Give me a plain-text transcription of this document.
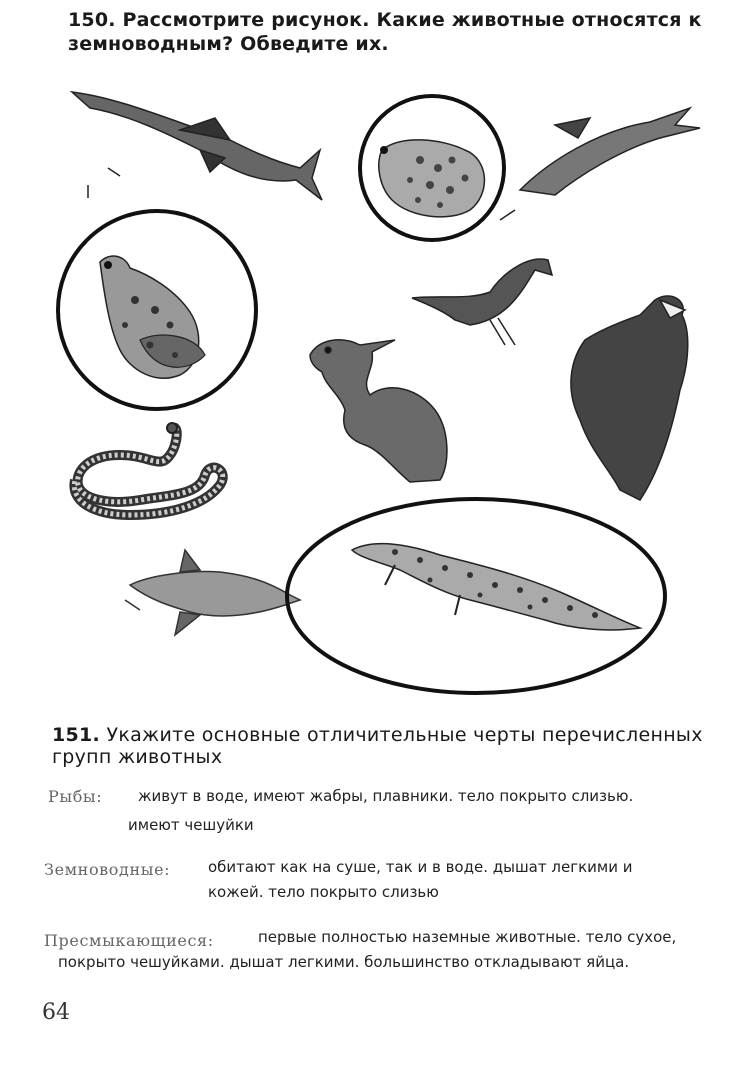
150. Рассмотрите рисунок. Какие животные относятся к земноводным? Обведите их.
151. Укажите основные отличительные черты перечисленных групп животных
Рыбы: живут в воде, имеют жабры, плавники. тело покрыто слизью.
имеют чешуйки
Земноводные:	обитают как на суше, так и в воде. дышат легкими и
кожей. тело покрыто слизью
Пресмыкающиеся:	первые полностью наземные животные. тело сухое,
покрыто чешуйками. дышат легкими. большинство откладывают яйца.
64
